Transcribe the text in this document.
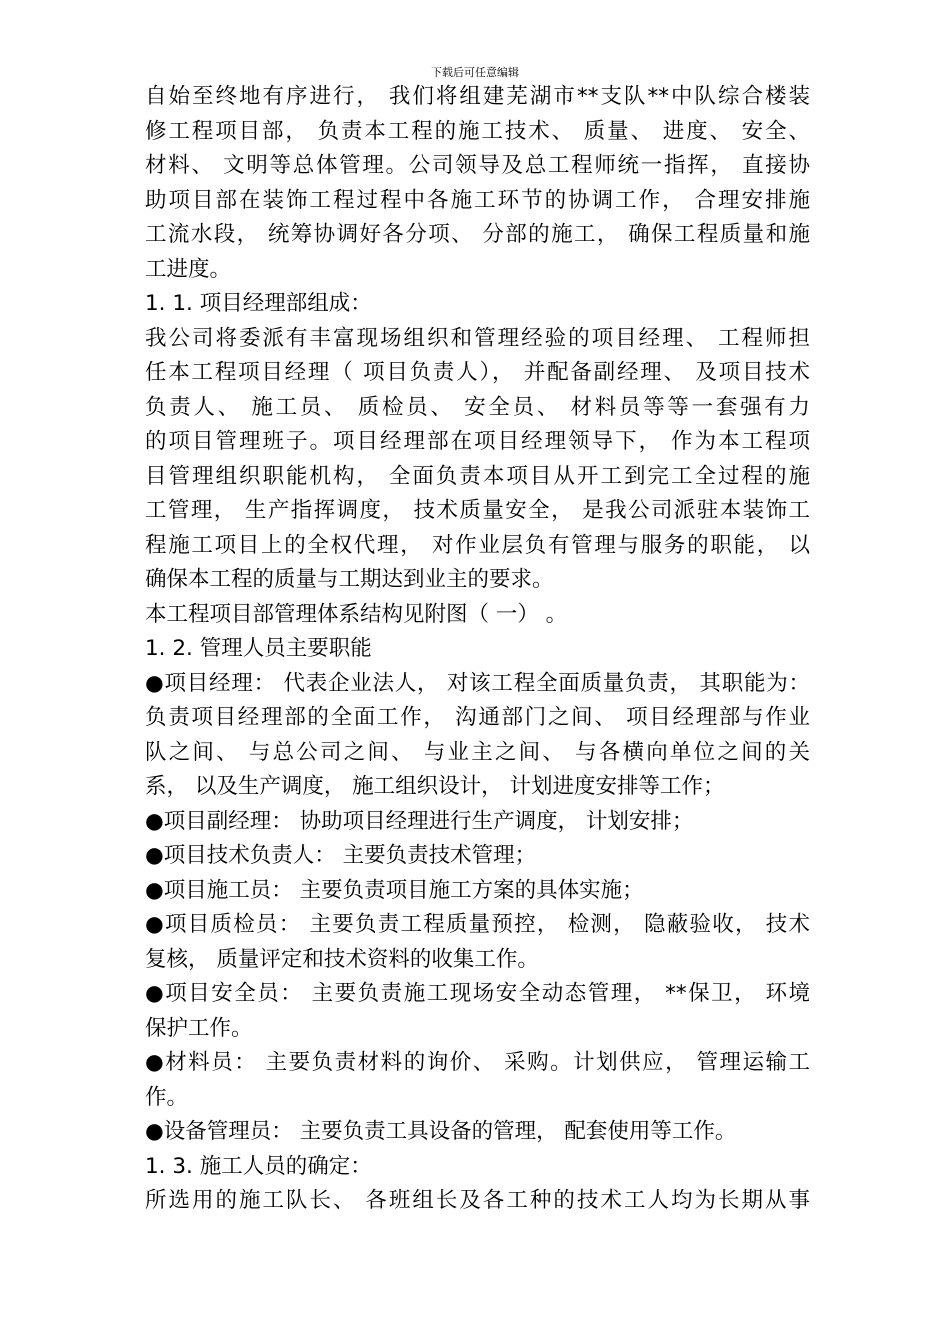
下载后可任意编辑
自始至终地有序进行， 我们将组建芜湖市**支队**中队综合楼装
修工程项目部， 负责本工程的施工技术、 质量、 进度、 安全、
材料、 文明等总体管理。公司领导及总工程师统一指挥， 直接协
助项目部在装饰工程过程中各施工环节的协调工作， 合理安排施
工流水段， 统筹协调好各分项、 分部的施工， 确保工程质量和施
工进度。
1. 1. 项目经理部组成：
我公司将委派有丰富现场组织和管理经验的项目经理、 工程师担
任本工程项目经理（ 项目负责人）， 并配备副经理、 及项目技术
负责人、 施工员、 质检员、 安全员、 材料员等等一套强有力
的项目管理班子。项目经理部在项目经理领导下， 作为本工程项
目管理组织职能机构， 全面负责本项目从开工到完工全过程的施
工管理， 生产指挥调度， 技术质量安全， 是我公司派驻本装饰工
程施工项目上的全权代理， 对作业层负有管理与服务的职能， 以
确保本工程的质量与工期达到业主的要求。
本工程项目部管理体系结构见附图（ 一） 。
1. 2. 管理人员主要职能
●项目经理： 代表企业法人， 对该工程全面质量负责， 其职能为：
负责项目经理部的全面工作， 沟通部门之间、 项目经理部与作业
队之间、 与总公司之间、 与业主之间、 与各横向单位之间的关
系， 以及生产调度， 施工组织设计， 计划进度安排等工作；
●项目副经理： 协助项目经理进行生产调度， 计划安排；
●项目技术负责人： 主要负责技术管理；
●项目施工员： 主要负责项目施工方案的具体实施；
●项目质检员： 主要负责工程质量预控， 检测， 隐蔽验收， 技术
复核， 质量评定和技术资料的收集工作。
●项目安全员： 主要负责施工现场安全动态管理， **保卫， 环境
保护工作。
●材料员： 主要负责材料的询价、 采购。计划供应， 管理运输工
作。
●设备管理员： 主要负责工具设备的管理， 配套使用等工作。
1. 3. 施工人员的确定：
所选用的施工队长、 各班组长及各工种的技术工人均为长期从事
